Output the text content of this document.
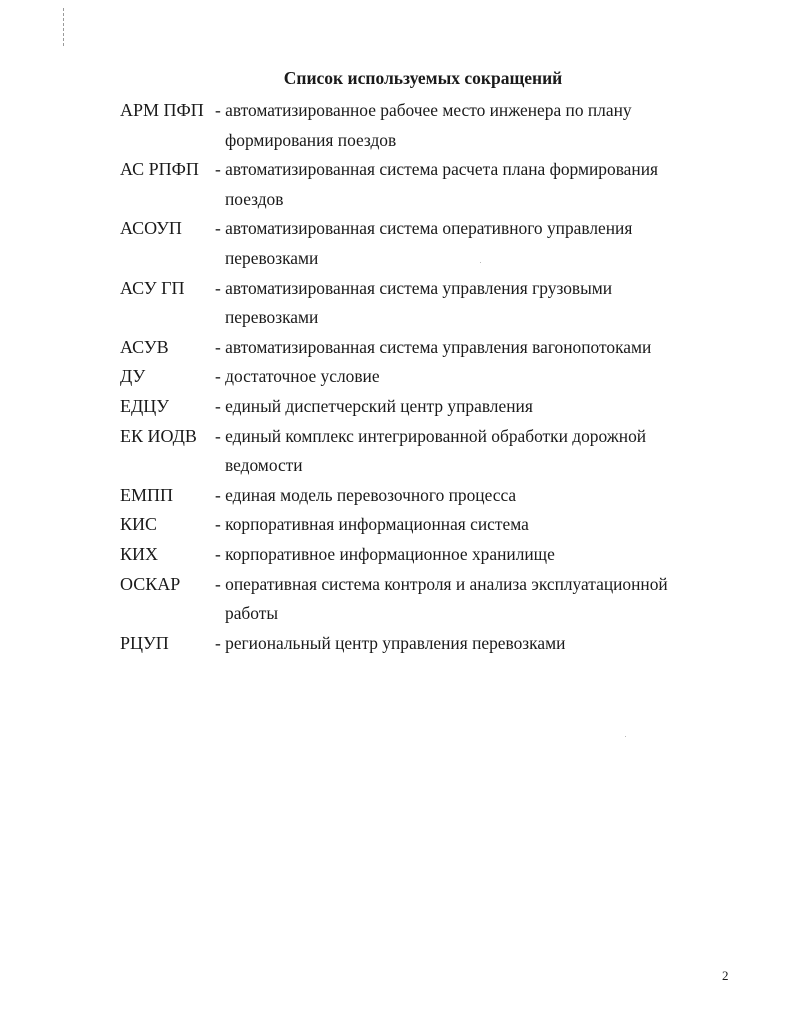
Список используемых сокращений
АРМ ПФП - автоматизированное рабочее место инженера по плану формирования поездов
АС РПФП - автоматизированная система расчета плана формирования поездов
АСОУП	- автоматизированная система оперативного управления перевозками
АСУ ГП	- автоматизированная система управления грузовыми перевозками
АСУВ	- автоматизированная система управления вагонопотоками
ДУ	- достаточное условие
ЕДЦУ	- единый диспетчерский центр управления
ЕК ИОДВ	- единый комплекс интегрированной обработки дорожной ведомости
ЕМПП	- единая модель перевозочного процесса
КИС	- корпоративная информационная система
КИХ	- корпоративное информационное хранилище
ОСКАР	- оперативная система контроля и анализа эксплуатационной работы
РЦУП	- региональный центр управления перевозками
2
